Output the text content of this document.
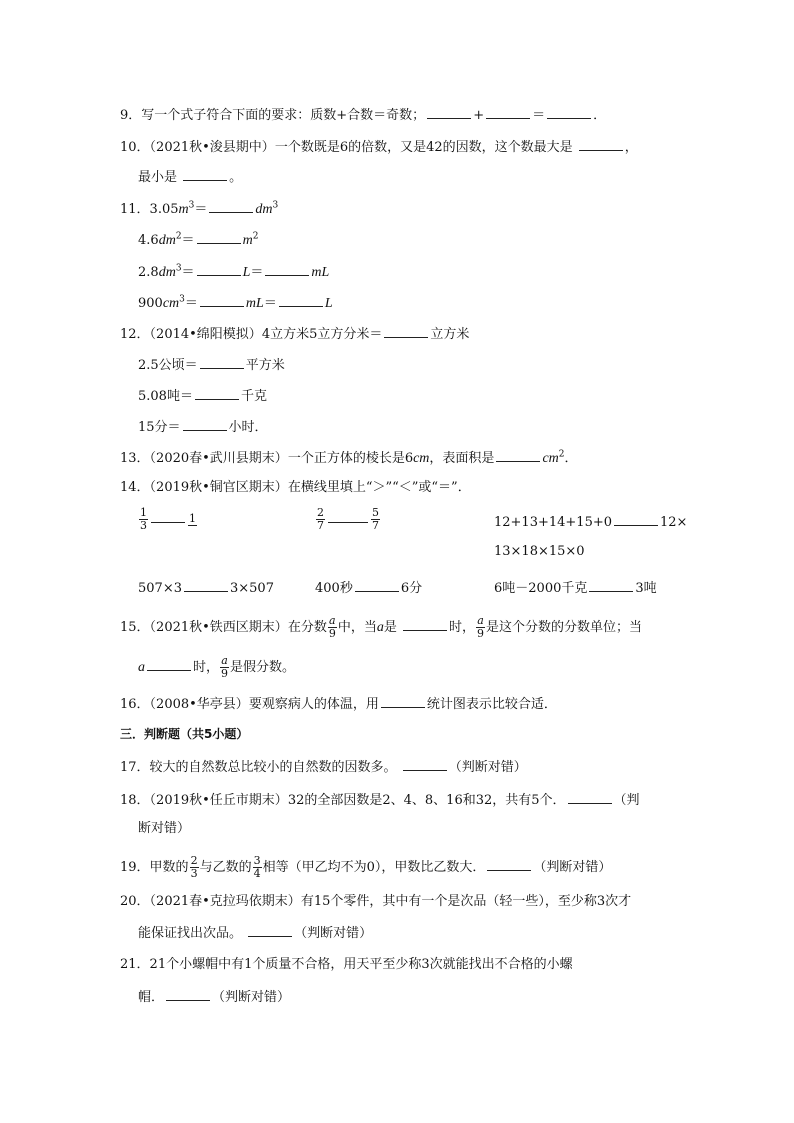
9．写一个式子符合下面的要求：质数+合数＝奇数；	+	＝	．
10．（2021秋•浚县期中）一个数既是6的倍数，又是42的因数，这个数最大是	，
最小是	。
11．$3.05m^3=$	$dm^3$
$4.6dm^2=$	$m^2$
$2.8dm^3=$	L＝	mL
$900cm^3=$	mL＝	L
12．（2014•绵阳模拟）4立方米5立方分米＝	立方米
2.5公顷＝	平方米
5.08吨＝	千克
15分＝	小时．
13．（2020春•武川县期末）一个正方体的棱长是6cm，表面积是	$cm^2$．
14．（2019秋•铜官区期末）在横线里填上“＞”“＜”或“＝”．
$\frac{1}{3}$	1	$\frac{2}{7}$	$\frac{5}{7}$	12+13+14+15+0	12×
13×18×15×0
507×3	3×507	400秒	6分	6吨－2000千克	3吨
15．（2021秋•铁西区期末）在分数 $\frac{a}{9}$ 中，当a是	时， $\frac{a}{9}$ 是这个分数的分数单位；当
a	时， $\frac{a}{9}$ 是假分数。
16．（2008•华亭县）要观察病人的体温，用	统计图表示比较合适．
三．判断题（共5小题）
17．较大的自然数总比较小的自然数的因数多。	（判断对错）
18．（2019秋•任丘市期末）32的全部因数是2、4、8、16和32，共有5个．	（判
断对错）
19．甲数的 $\frac{2}{3}$ 与乙数的 $\frac{3}{4}$ 相等（甲乙均不为0），甲数比乙数大．	（判断对错）
20．（2021春•克拉玛依期末）有15个零件，其中有一个是次品（轻一些），至少称3次才
能保证找出次品。	（判断对错）
21．21个小螺帽中有1个质量不合格，用天平至少称3次就能找出不合格的小螺
帽．	（判断对错）
